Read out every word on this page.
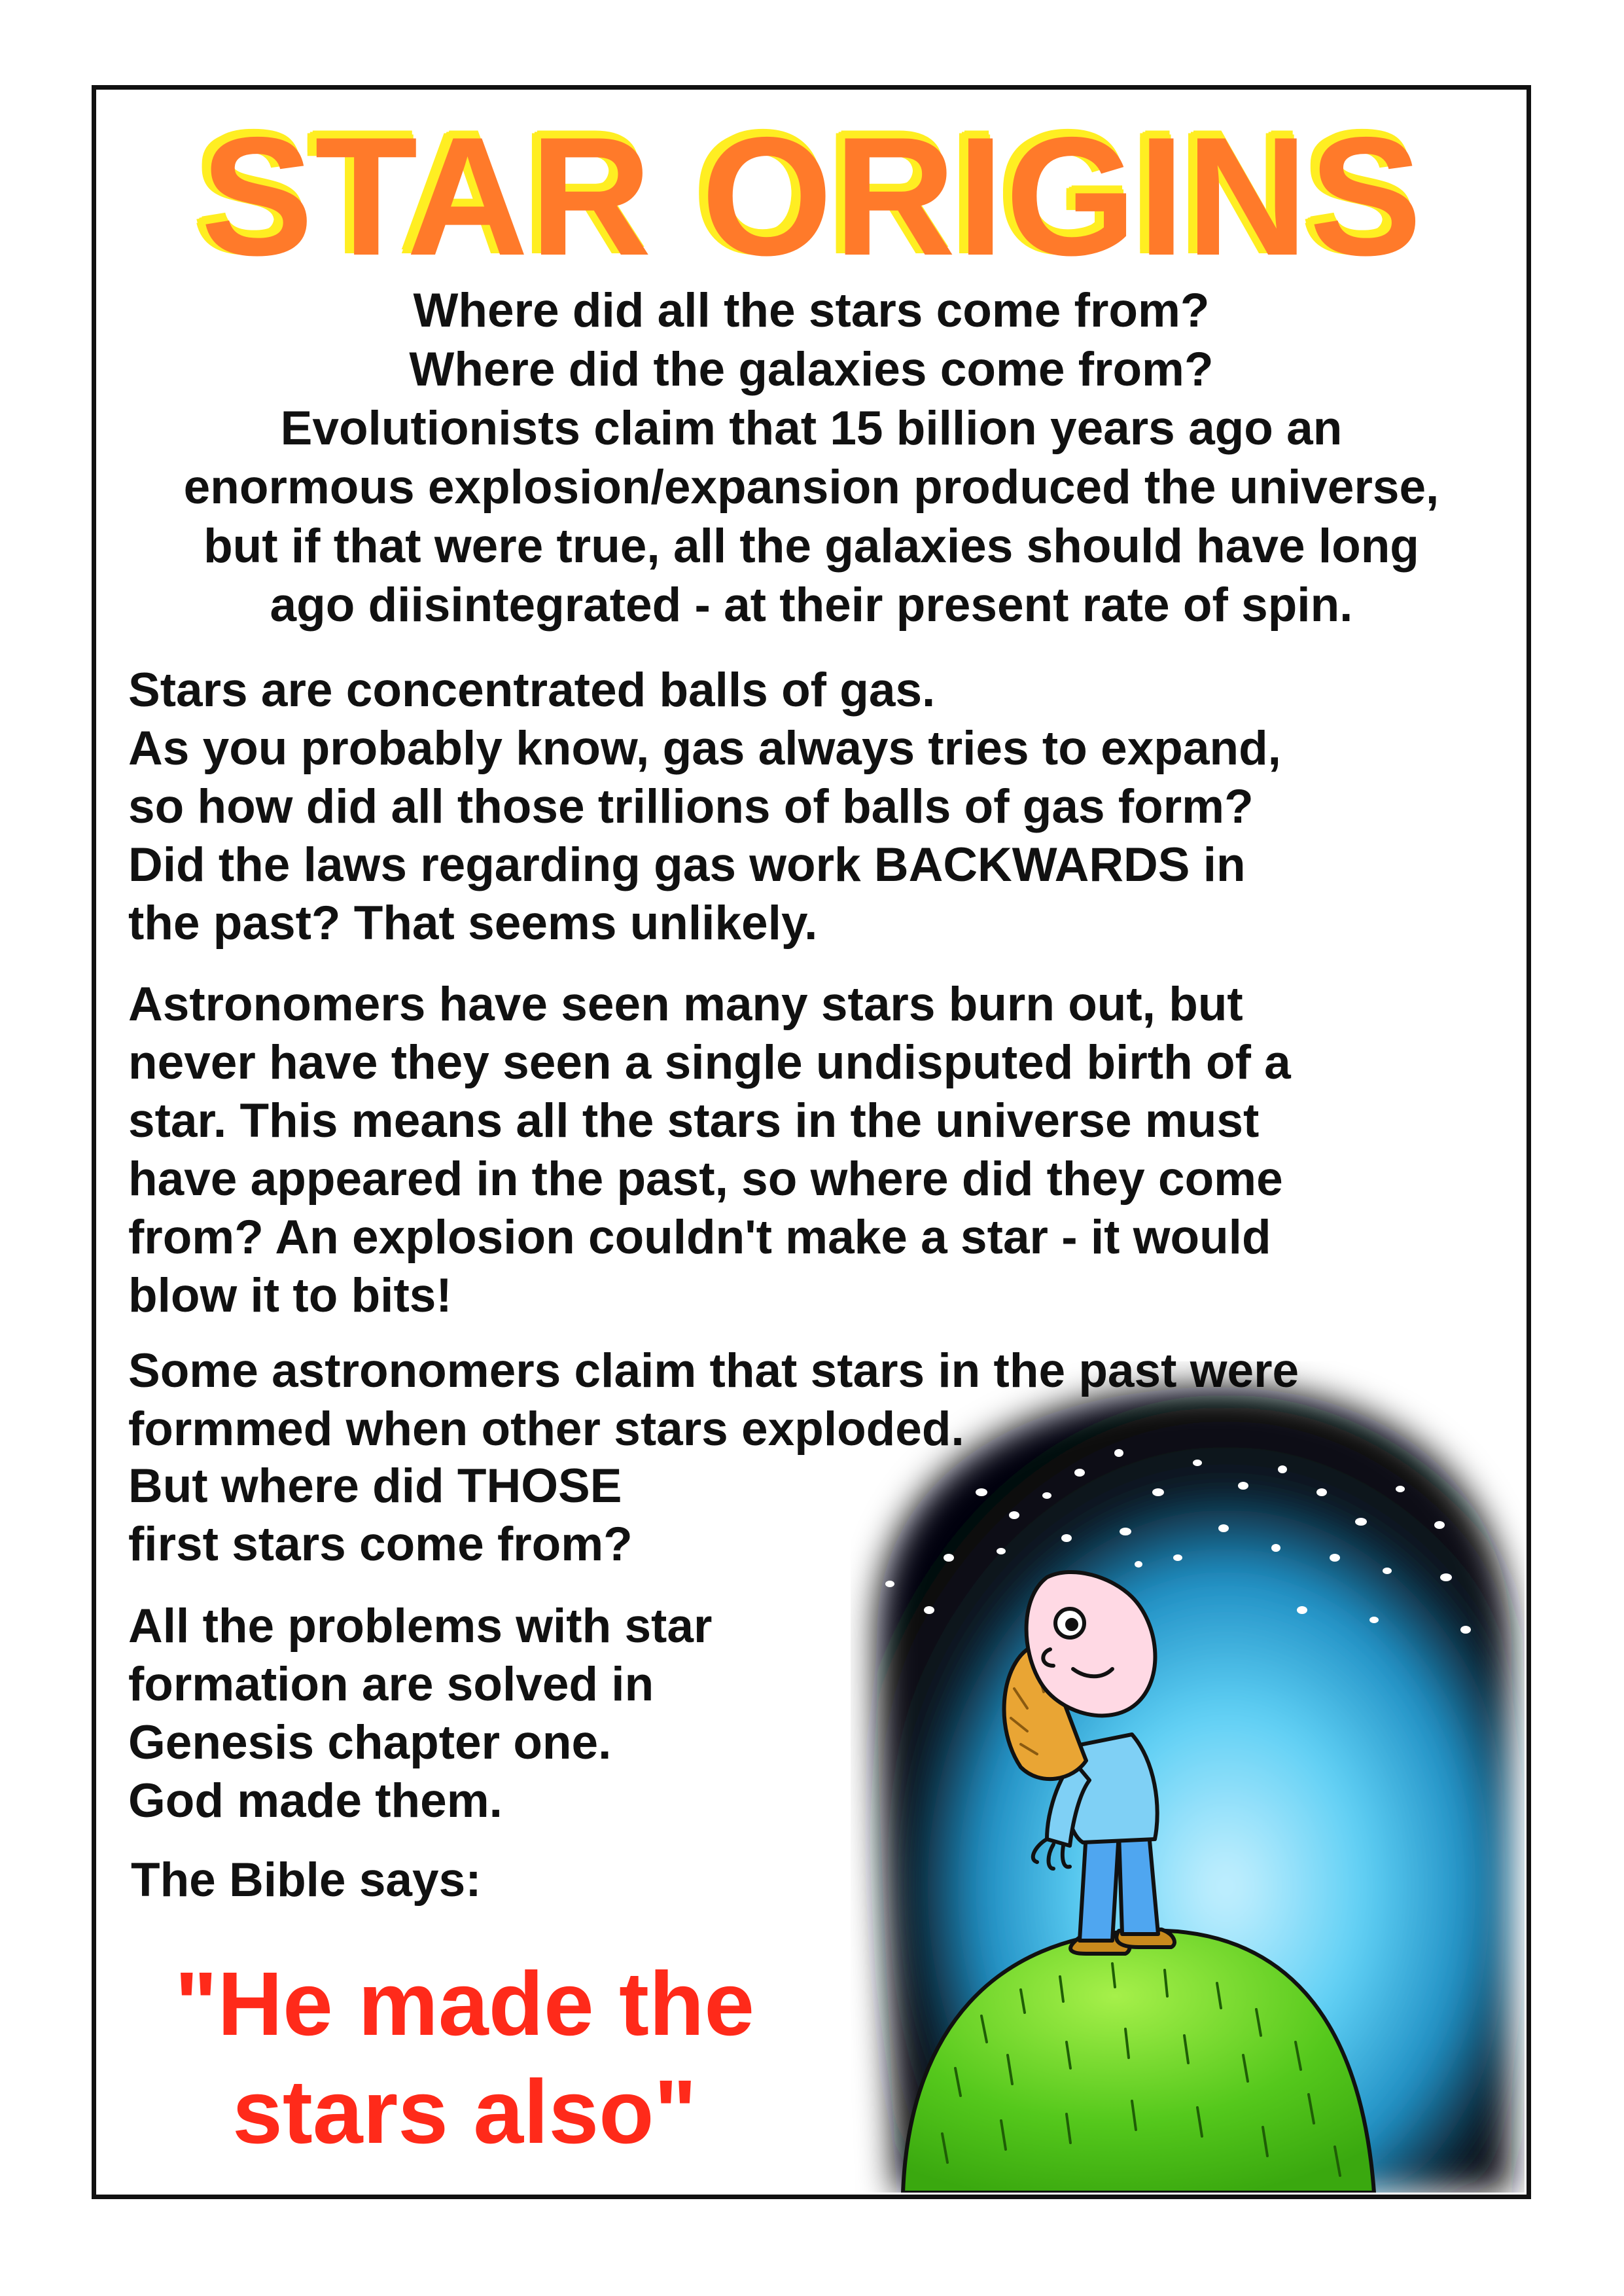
STAR ORIGINS
Where did all the stars come from?
Where did the galaxies come from?
Evolutionists claim that 15 billion years ago an
enormous explosion/expansion produced the universe,
but if that were true, all the galaxies should have long
ago diisintegrated - at their present rate of spin.
Stars are concentrated balls of gas.
As you probably know, gas always tries to expand,
so how did all those trillions of balls of gas form?
Did the laws regarding gas work BACKWARDS in
the past? That seems unlikely.
Astronomers have seen many stars burn out, but
never have they seen a single undisputed birth of a
star. This means all the stars in the universe must
have appeared in the past, so where did they come
from? An explosion couldn't make a star - it would
blow it to bits!
Some astronomers claim that stars in the past were
formmed when other stars exploded.
But where did THOSE
first stars come from?
All the problems with star
formation are solved in
Genesis chapter one.
God made them.
The Bible says:
"He made the
stars also"
